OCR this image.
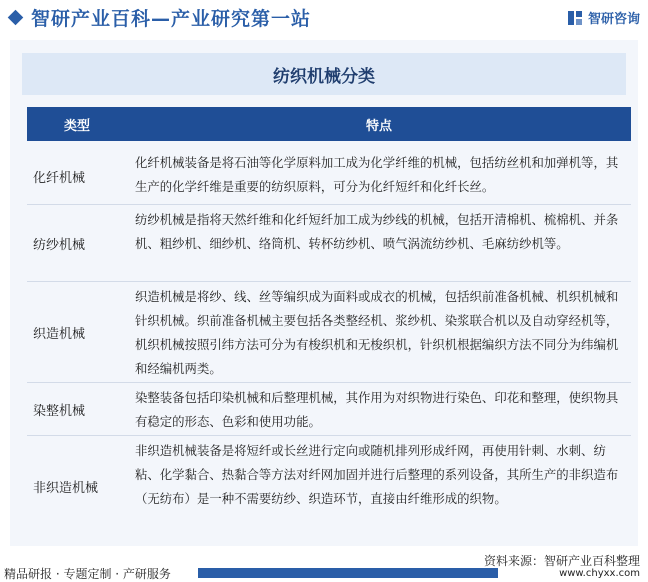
智研产业百科—产业研究第一站	智研咨询
纺织机械分类
类型	特点
化纤机械
化纤机械装备是将石油等化学原料加工成为化学纤维的机械，包括纺丝机和加弹机等，其生产的化学纤维是重要的纺织原料，可分为化纤短纤和化纤长丝。
纺纱机械
纺纱机械是指将天然纤维和化纤短纤加工成为纱线的机械，包括开清棉机、梳棉机、并条机、粗纱机、细纱机、络筒机、转杯纺纱机、喷气涡流纺纱机、毛麻纺纱机等。
织造机械
织造机械是将纱、线、丝等编织成为面料或成衣的机械，包括织前准备机械、机织机械和针织机械。织前准备机械主要包括各类整经机、浆纱机、染浆联合机以及自动穿经机等，机织机械按照引纬方法可分为有梭织机和无梭织机，针织机根据编织方法不同分为纬编机和经编机两类。
染整机械
染整装备包括印染机械和后整理机械，其作用为对织物进行染色、印花和整理，使织物具有稳定的形态、色彩和使用功能。
非织造机械
非织造机械装备是将短纤或长丝进行定向或随机排列形成纤网，再使用针刺、水刺、纺粘、化学黏合、热黏合等方法对纤网加固并进行后整理的系列设备，其所生产的非织造布（无纺布）是一种不需要纺纱、织造环节，直接由纤维形成的织物。
精品研报 · 专题定制 · 产研服务
资料来源：智研产业百科整理
www.chyxx.com
